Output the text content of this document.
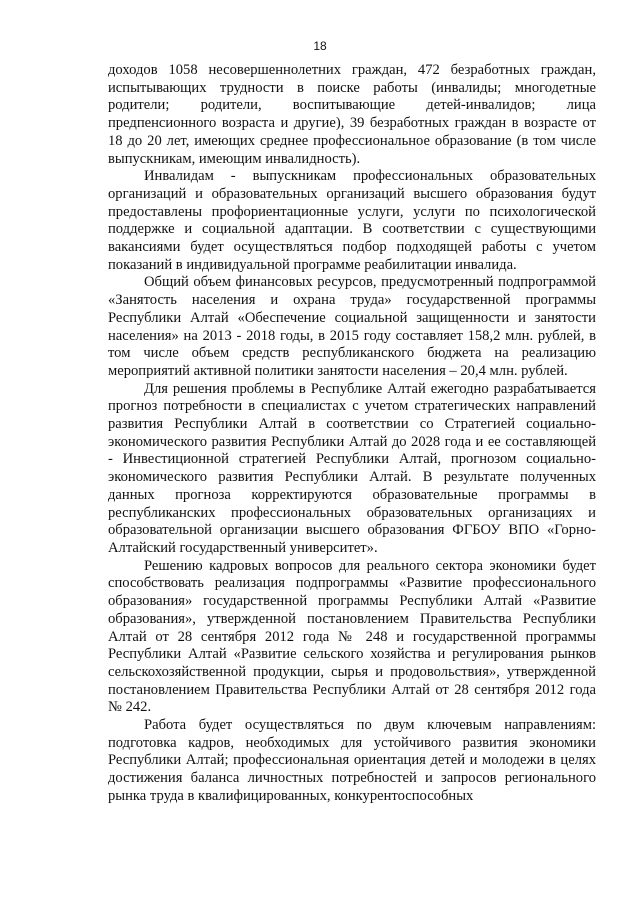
18

доходов 1058 несовершеннолетних граждан, 472 безработных граждан, испытывающих трудности в поиске работы (инвалиды; многодетные родители; родители, воспитывающие детей-инвалидов; лица предпенсионного возраста и другие), 39 безработных граждан в возрасте от 18 до 20 лет, имеющих среднее профессиональное образование (в том числе выпускникам, имеющим инвалидность).

Инвалидам - выпускникам профессиональных образовательных организаций и образовательных организаций высшего образования будут предоставлены профориентационные услуги, услуги по психологической поддержке и социальной адаптации. В соответствии с существующими вакансиями будет осуществляться подбор подходящей работы с учетом показаний в индивидуальной программе реабилитации инвалида.

Общий объем финансовых ресурсов, предусмотренный подпрограммой «Занятость населения и охрана труда» государственной программы Республики Алтай «Обеспечение социальной защищенности и занятости населения» на 2013 - 2018 годы, в 2015 году составляет 158,2 млн. рублей, в том числе объем средств республиканского бюджета на реализацию мероприятий активной политики занятости населения – 20,4 млн. рублей.

Для решения проблемы в Республике Алтай ежегодно разрабатывается прогноз потребности в специалистах с учетом стратегических направлений развития Республики Алтай в соответствии со Стратегией социально-экономического развития Республики Алтай до 2028 года и ее составляющей - Инвестиционной стратегией Республики Алтай, прогнозом социально-экономического развития Республики Алтай. В результате полученных данных прогноза корректируются образовательные программы в республиканских профессиональных образовательных организациях и образовательной организации высшего образования ФГБОУ ВПО «Горно-Алтайский государственный университет».

Решению кадровых вопросов для реального сектора экономики будет способствовать реализация подпрограммы «Развитие профессионального образования» государственной программы Республики Алтай «Развитие образования», утвержденной постановлением Правительства Республики Алтай от 28 сентября 2012 года № 248 и государственной программы Республики Алтай «Развитие сельского хозяйства и регулирования рынков сельскохозяйственной продукции, сырья и продовольствия», утвержденной постановлением Правительства Республики Алтай от 28 сентября 2012 года № 242.

Работа будет осуществляться по двум ключевым направлениям: подготовка кадров, необходимых для устойчивого развития экономики Республики Алтай; профессиональная ориентация детей и молодежи в целях достижения баланса личностных потребностей и запросов регионального рынка труда в квалифицированных, конкурентоспособных
